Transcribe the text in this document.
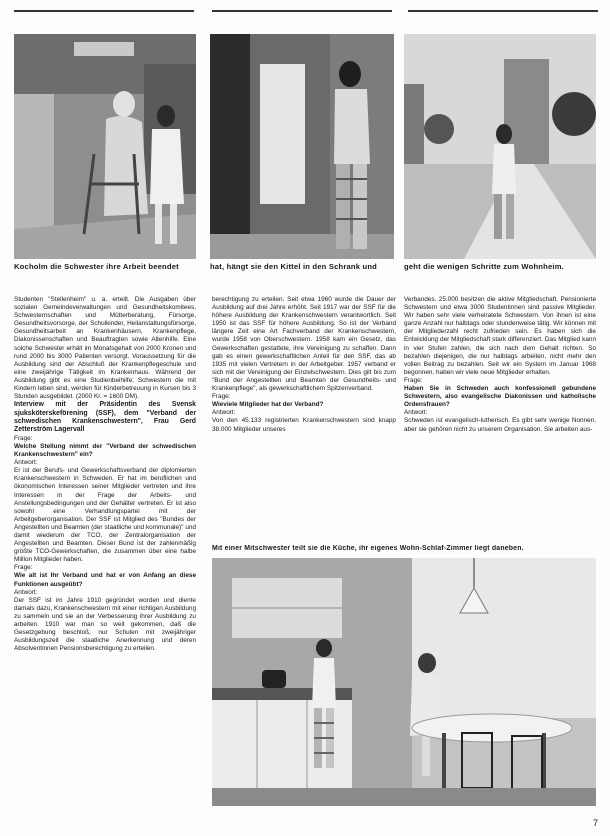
Kocholm die Schwester ihre Arbeit beendet	hat, hängt sie den Kittel in den Schrank und	geht die wenigen Schritte zum Wohnheim.

Studenten "Stellenheim" u. a. erteilt. Die Ausgaben über sozialen Gemeindeverwaltungen und Gesundheitskomitees, Schwesternschaften und Mütterberatung, Fürsorge, Gesundheitsvorsorge, der Schulkinder, Heilanstaltungsfürsorge, Gesundheitsarbeit an Krankenhäusern, Krankenpflege, Diakonissenschaften und Beauftragten sowie Altenhilfe. Eine solche Schwester erhält im Monatsgehalt von 2000 Kronen und rund 2000 bis 3000 Patienten versorgt. Voraussetzung für die Ausbildung sind der Abschluß der Krankenpflegeschule und eine zweijährige Tätigkeit im Krankenhaus. Während der Ausbildung gibt es eine Studienbeihilfe; Schwestern die mit Kindern leben sind, werden für Kinderbetreuung in Kursen bis 3 Stunden ausgebildet. (2000 Kr. = 1600 DM).

Interview mit der Präsidentin des Svensk sjuksköterskeförening (SSF), dem "Verband der schwedischen Krankenschwestern", Frau Gerd Zetterström Lagervall

Frage:

Welche Stellung nimmt der "Verband der schwedischen Krankenschwestern" ein?

Antwort:

Er ist der Berufs- und Gewerkschaftsverband der diplomierten Krankenschwestern in Schweden. Er hat im beruflichen und ökonomischen Interessen seiner Mitglieder vertreten und ihre Interessen in der Frage der Arbeits- und Anstellungsbedingungen und der Gehälter vertreten. Er ist also sowohl eine Verhandlungspartei mit der Arbeitgeberorganisation. Der SSF ist Mitglied des "Bundes der Angestellten und Beamten (der staatliche und kommunale)" und damit wiederum der TCO, der Zentralorganisation der Angestellten und Beamten. Dieser Bund ist der zahlenmäßig größte TCO-Gewerkschaften, die zusammen über eine halbe Million Mitglieder haben.

Frage:

Wie alt ist Ihr Verband und hat er von Anfang an diese Funktionen ausgeübt?

Antwort:

Der SSF ist im Jahre 1910 gegründet worden und diente damals dazu, Krankenschwestern mit einer richtigen Ausbildung zu sammeln und sie an der Verbesserung ihrer Ausbildung zu arbeiten. 1910 war man so weit gekommen, daß die Gesetzgebung beschloß, nur Schulen mit zweijähriger Ausbildungszeit die staatliche Anerkennung und deren Absolventinnen Pensionsberechtigung zu erteilen.

berechtigung zu erteilen. Seit etwa 1960 wurde die Dauer der Ausbildung auf drei Jahre erhöht. Seit 1917 war der SSF für die höhere Ausbildung der Krankenschwestern verantwortlich. Seit 1950 ist das SSF für höhere Ausbildung. So ist der Verband längere Zeit eine Art Fachverband der Krankenschwestern, wurde 1958 von Oberschwestern. 1958 kam ein Gesetz, das Gewerkschaften gestattete, ihre Vereinigung zu schaffen. Dann gab es einen gewerkschaftlichen Anteil für den SSF, das ab 1935 mit vielen Vertretern in der Arbeitgeber. 1957 verband er sich mit der Vereinigung der Einzelschwestern. Dies gilt bis zum "Bund der Angestellten und Beamten der Gesundheits- und Krankenpflege", als gewerkschaftlichem Spitzenverband.

Frage:

Wieviele Mitglieder hat der Verband?

Antwort:

Von den 45.133 registrierten Krankenschwestern sind knapp 38.000 Mitglieder unseres

Verbandes. 25.000 besitzen die aktive Mitgliedschaft. Pensionierte Schwestern und etwa 3000 Studentinnen sind passive Mitglieder. Wir haben sehr viele verheiratete Schwestern. Von ihnen ist eine ganze Anzahl nur halbtags oder stundenweise tätig. Wir können mit der Mitgliederzahl recht zufrieden sein. Es haben sich die Entwicklung der Mitgliedschaft stark differenziert. Das Mitglied kann in vier Stufen zahlen, die sich nach dem Gehalt richten. So bezahlen diejenigen, die nur halbtags arbeiten, nicht mehr den vollen Beitrag zu bezahlen. Seit wir ein System im Januar 1968 begonnen, haben wir viele neue Mitglieder erhalten.

Frage:

Haben Sie in Schweden auch konfessionell gebundene Schwestern, also evangelische Diakonissen und katholische Ordensfrauen?

Antwort:

Schweden ist evangelisch-lutherisch. Es gibt sehr wenige Nonnen, aber sie gehören nicht zu unserem Organisation. Sie arbeiten aus-

Mit einer Mitschwester teilt sie die Küche, ihr eigenes Wohn-Schlaf-Zimmer liegt daneben.
7
